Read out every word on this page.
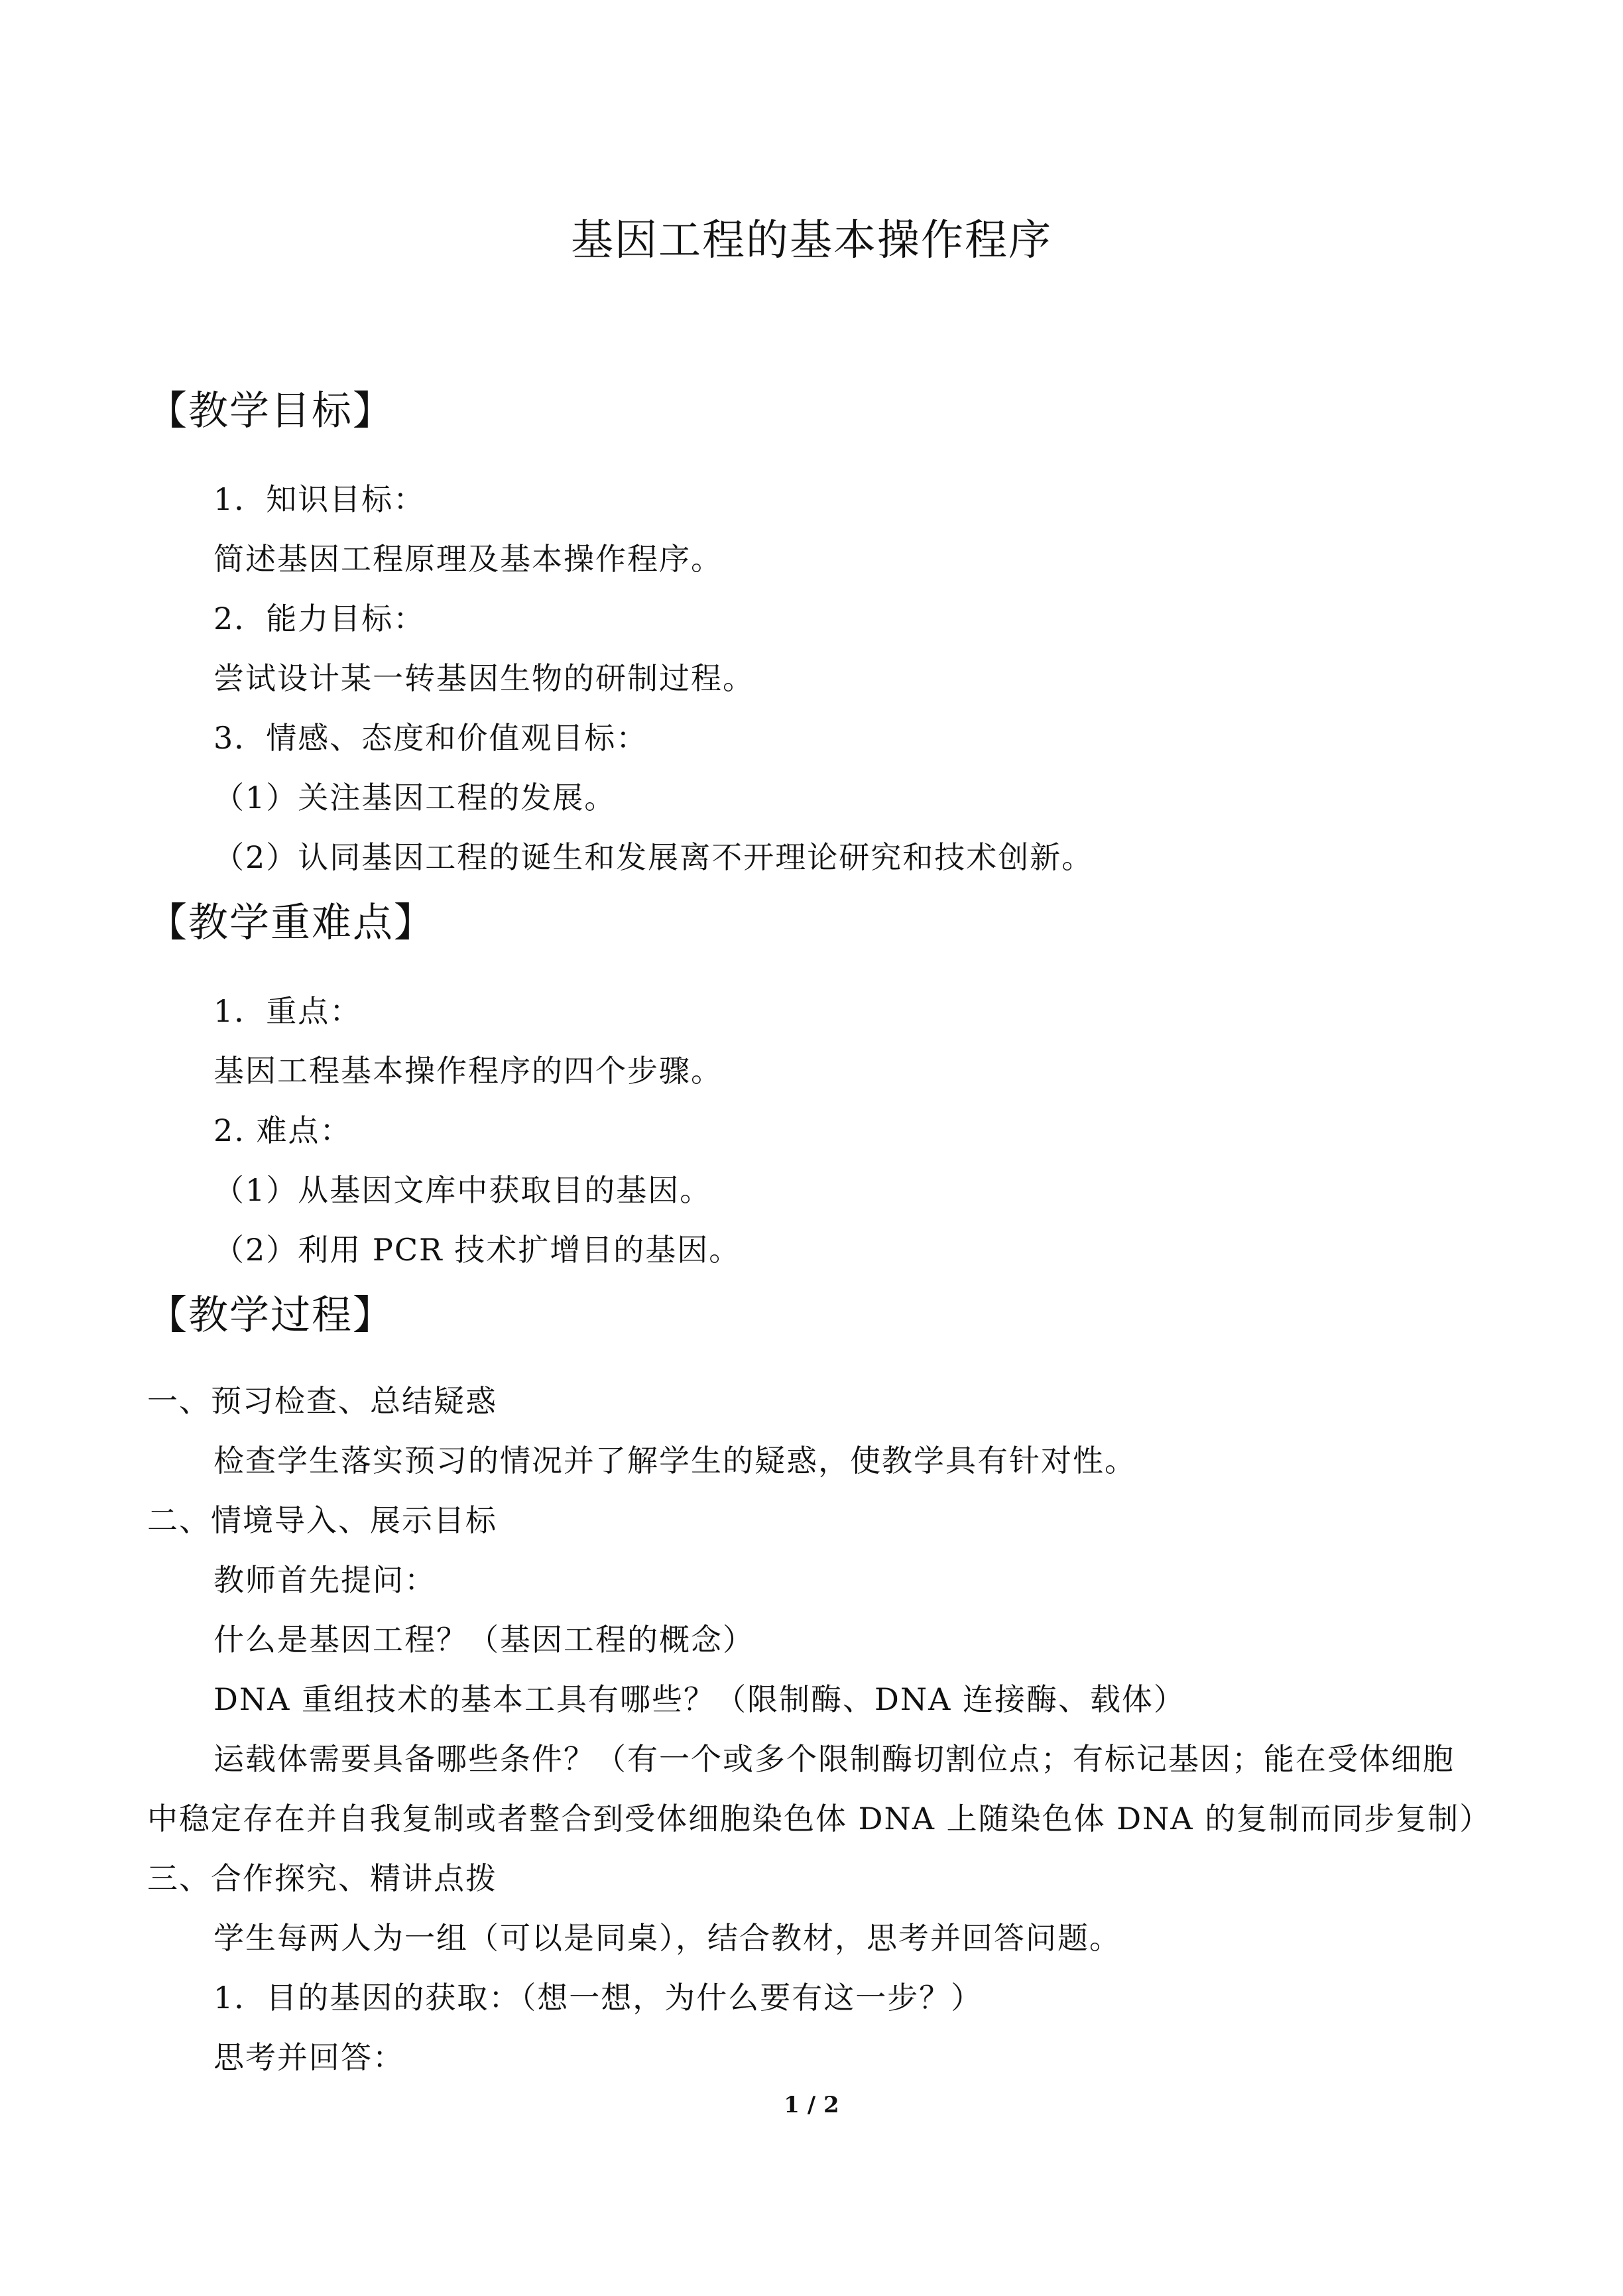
基因工程的基本操作程序
【教学目标】
1．知识目标：
简述基因工程原理及基本操作程序。
2．能力目标：
尝试设计某一转基因生物的研制过程。
3．情感、态度和价值观目标：
（1）关注基因工程的发展。
（2）认同基因工程的诞生和发展离不开理论研究和技术创新。
【教学重难点】
1．重点：
基因工程基本操作程序的四个步骤。
2. 难点：
（1）从基因文库中获取目的基因。
（2）利用 PCR 技术扩增目的基因。
【教学过程】
一、预习检查、总结疑惑
检查学生落实预习的情况并了解学生的疑惑，使教学具有针对性。
二、情境导入、展示目标
教师首先提问：
什么是基因工程？（基因工程的概念）
DNA 重组技术的基本工具有哪些？（限制酶、DNA 连接酶、载体）
运载体需要具备哪些条件？（有一个或多个限制酶切割位点；有标记基因；能在受体细胞
中稳定存在并自我复制或者整合到受体细胞染色体 DNA 上随染色体 DNA 的复制而同步复制）
三、合作探究、精讲点拨
学生每两人为一组（可以是同桌），结合教材，思考并回答问题。
1．目的基因的获取：（想一想，为什么要有这一步？）
思考并回答：
1 / 2
